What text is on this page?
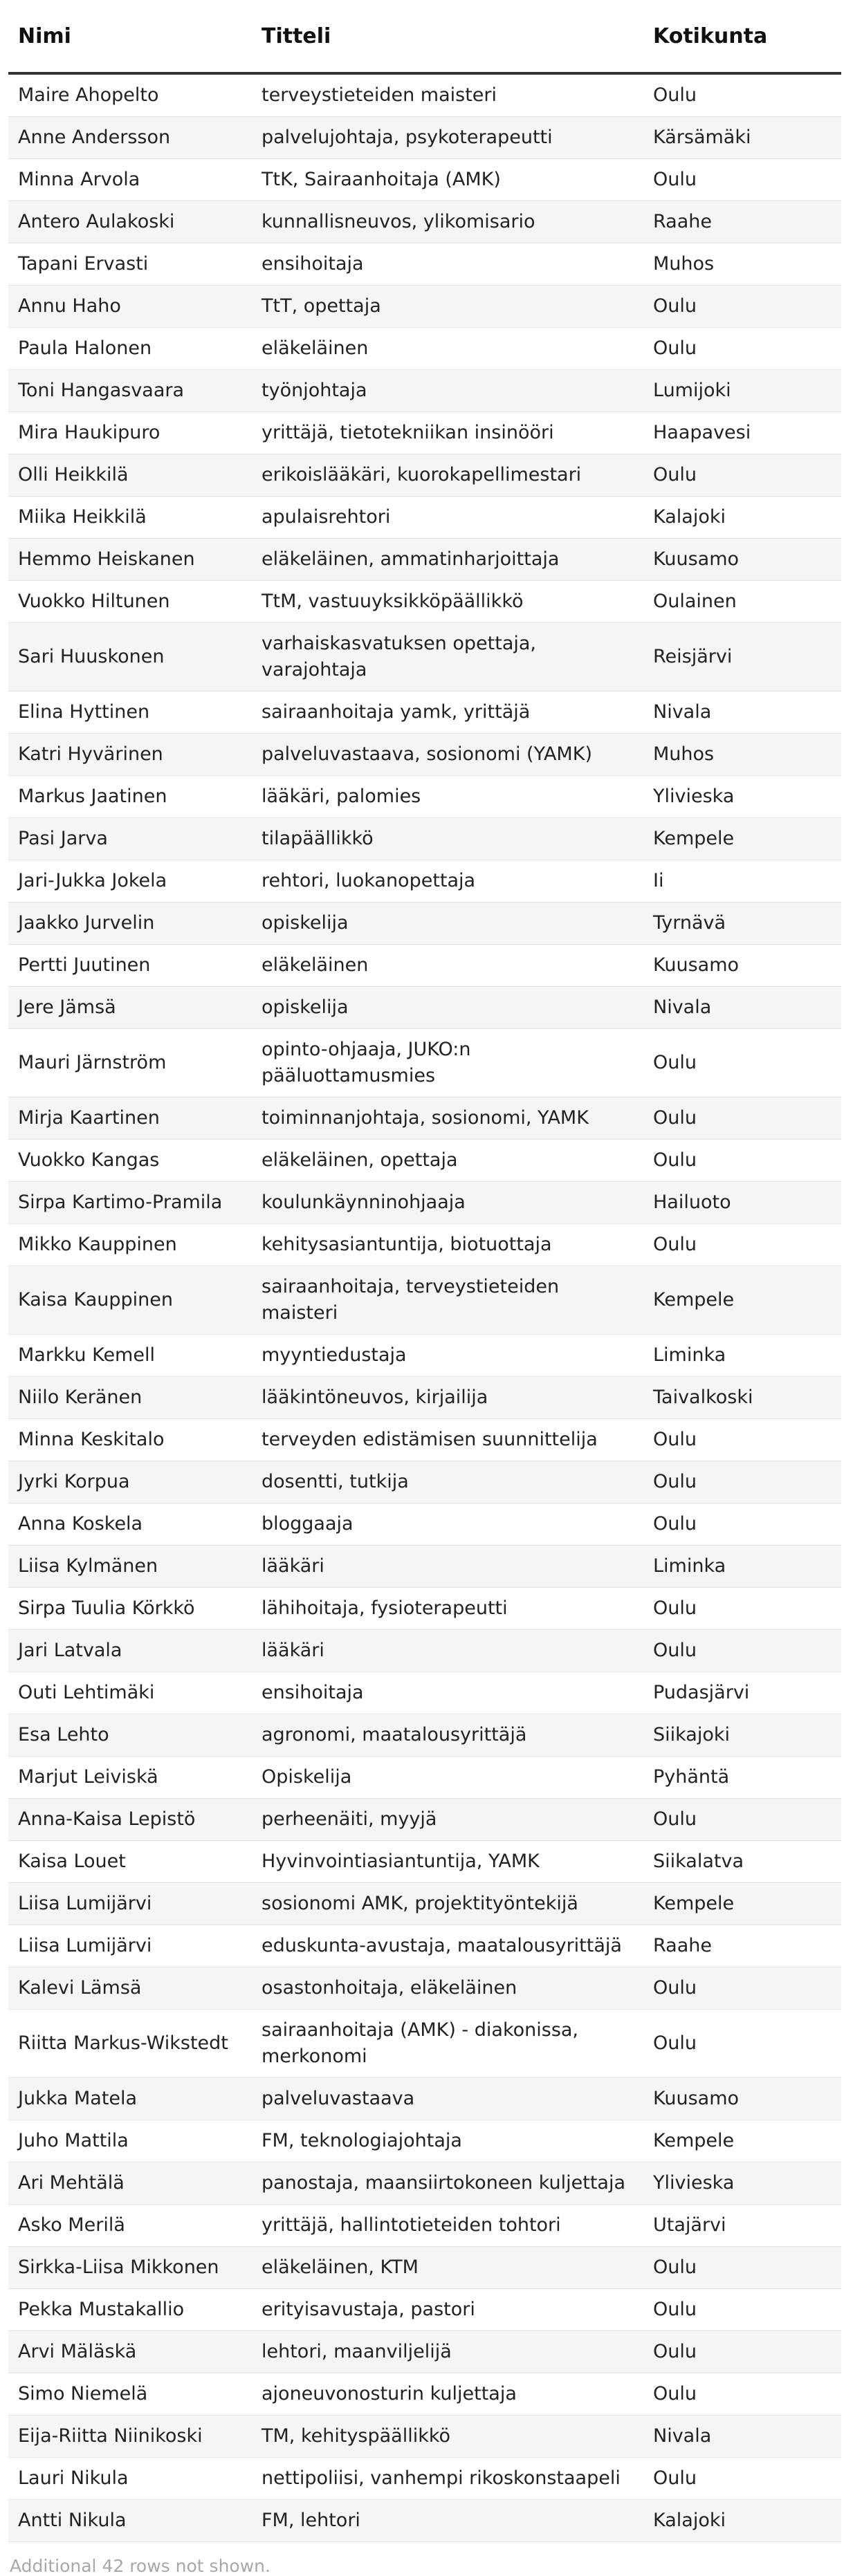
Nimi	Titteli	Kotikunta
Maire Ahopelto	terveystieteiden maisteri	Oulu
Anne Andersson	palvelujohtaja, psykoterapeutti	Kärsämäki
Minna Arvola	TtK, Sairaanhoitaja (AMK)	Oulu
Antero Aulakoski	kunnallisneuvos, ylikomisario	Raahe
Tapani Ervasti	ensihoitaja	Muhos
Annu Haho	TtT, opettaja	Oulu
Paula Halonen	eläkeläinen	Oulu
Toni Hangasvaara	työnjohtaja	Lumijoki
Mira Haukipuro	yrittäjä, tietotekniikan insinööri	Haapavesi
Olli Heikkilä	erikoislääkäri, kuorokapellimestari	Oulu
Miika Heikkilä	apulaisrehtori	Kalajoki
Hemmo Heiskanen	eläkeläinen, ammatinharjoittaja	Kuusamo
Vuokko Hiltunen	TtM, vastuuyksikköpäällikkö	Oulainen
Sari Huuskonen	varhaiskasvatuksen opettaja, varajohtaja	Reisjärvi
Elina Hyttinen	sairaanhoitaja yamk, yrittäjä	Nivala
Katri Hyvärinen	palveluvastaava, sosionomi (YAMK)	Muhos
Markus Jaatinen	lääkäri, palomies	Ylivieska
Pasi Jarva	tilapäällikkö	Kempele
Jari-Jukka Jokela	rehtori, luokanopettaja	Ii
Jaakko Jurvelin	opiskelija	Tyrnävä
Pertti Juutinen	eläkeläinen	Kuusamo
Jere Jämsä	opiskelija	Nivala
Mauri Järnström	opinto-ohjaaja, JUKO:n pääluottamusmies	Oulu
Mirja Kaartinen	toiminnanjohtaja, sosionomi, YAMK	Oulu
Vuokko Kangas	eläkeläinen, opettaja	Oulu
Sirpa Kartimo-Pramila	koulunkäynninohjaaja	Hailuoto
Mikko Kauppinen	kehitysasiantuntija, biotuottaja	Oulu
Kaisa Kauppinen	sairaanhoitaja, terveystieteiden maisteri	Kempele
Markku Kemell	myyntiedustaja	Liminka
Niilo Keränen	lääkintöneuvos, kirjailija	Taivalkoski
Minna Keskitalo	terveyden edistämisen suunnittelija	Oulu
Jyrki Korpua	dosentti, tutkija	Oulu
Anna Koskela	bloggaaja	Oulu
Liisa Kylmänen	lääkäri	Liminka
Sirpa Tuulia Körkkö	lähihoitaja, fysioterapeutti	Oulu
Jari Latvala	lääkäri	Oulu
Outi Lehtimäki	ensihoitaja	Pudasjärvi
Esa Lehto	agronomi, maatalousyrittäjä	Siikajoki
Marjut Leiviskä	Opiskelija	Pyhäntä
Anna-Kaisa Lepistö	perheenäiti, myyjä	Oulu
Kaisa Louet	Hyvinvointiasiantuntija, YAMK	Siikalatva
Liisa Lumijärvi	sosionomi AMK, projektityöntekijä	Kempele
Liisa Lumijärvi	eduskunta-avustaja, maatalousyrittäjä	Raahe
Kalevi Lämsä	osastonhoitaja, eläkeläinen	Oulu
Riitta Markus-Wikstedt	sairaanhoitaja (AMK) - diakonissa, merkonomi	Oulu
Jukka Matela	palveluvastaava	Kuusamo
Juho Mattila	FM, teknologiajohtaja	Kempele
Ari Mehtälä	panostaja, maansiirtokoneen kuljettaja	Ylivieska
Asko Merilä	yrittäjä, hallintotieteiden tohtori	Utajärvi
Sirkka-Liisa Mikkonen	eläkeläinen, KTM	Oulu
Pekka Mustakallio	erityisavustaja, pastori	Oulu
Arvi Mäläskä	lehtori, maanviljelijä	Oulu
Simo Niemelä	ajoneuvonosturin kuljettaja	Oulu
Eija-Riitta Niinikoski	TM, kehityspäällikkö	Nivala
Lauri Nikula	nettipoliisi, vanhempi rikoskonstaapeli	Oulu
Antti Nikula	FM, lehtori	Kalajoki
Additional 42 rows not shown.
